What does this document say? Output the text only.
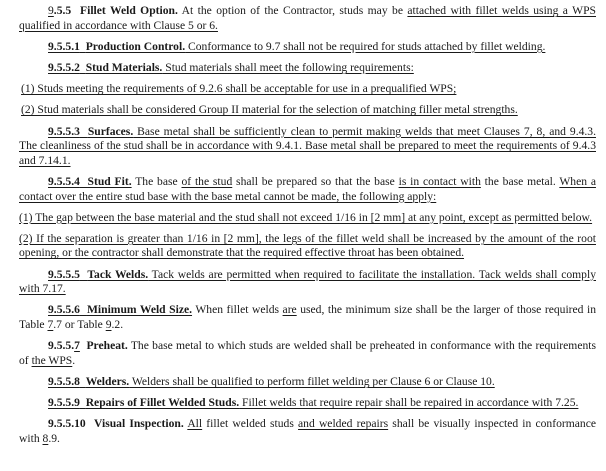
9.5.5 Fillet Weld Option. At the option of the Contractor, studs may be attached with fillet welds using a WPS qualified in accordance with Clause 5 or 6.

9.5.5.1 Production Control. Conformance to 9.7 shall not be required for studs attached by fillet welding.

9.5.5.2 Stud Materials. Stud materials shall meet the following requirements:

(1) Studs meeting the requirements of 9.2.6 shall be acceptable for use in a prequalified WPS;

(2) Stud materials shall be considered Group II material for the selection of matching filler metal strengths.

9.5.5.3 Surfaces. Base metal shall be sufficiently clean to permit making welds that meet Clauses 7, 8, and 9.4.3. The cleanliness of the stud shall be in accordance with 9.4.1. Base metal shall be prepared to meet the requirements of 9.4.3 and 7.14.1.

9.5.5.4 Stud Fit. The base of the stud shall be prepared so that the base is in contact with the base metal. When a contact over the entire stud base with the base metal cannot be made, the following apply:

(1) The gap between the base material and the stud shall not exceed 1/16 in [2 mm] at any point, except as permitted below.

(2) If the separation is greater than 1/16 in [2 mm], the legs of the fillet weld shall be increased by the amount of the root opening, or the contractor shall demonstrate that the required effective throat has been obtained.

9.5.5.5 Tack Welds. Tack welds are permitted when required to facilitate the installation. Tack welds shall comply with 7.17.

9.5.5.6 Minimum Weld Size. When fillet welds are used, the minimum size shall be the larger of those required in Table 7.7 or Table 9.2.

9.5.5.7 Preheat. The base metal to which studs are welded shall be preheated in conformance with the requirements of the WPS.

9.5.5.8 Welders. Welders shall be qualified to perform fillet welding per Clause 6 or Clause 10.

9.5.5.9 Repairs of Fillet Welded Studs. Fillet welds that require repair shall be repaired in accordance with 7.25.

9.5.5.10 Visual Inspection. All fillet welded studs and welded repairs shall be visually inspected in conformance with 8.9.
